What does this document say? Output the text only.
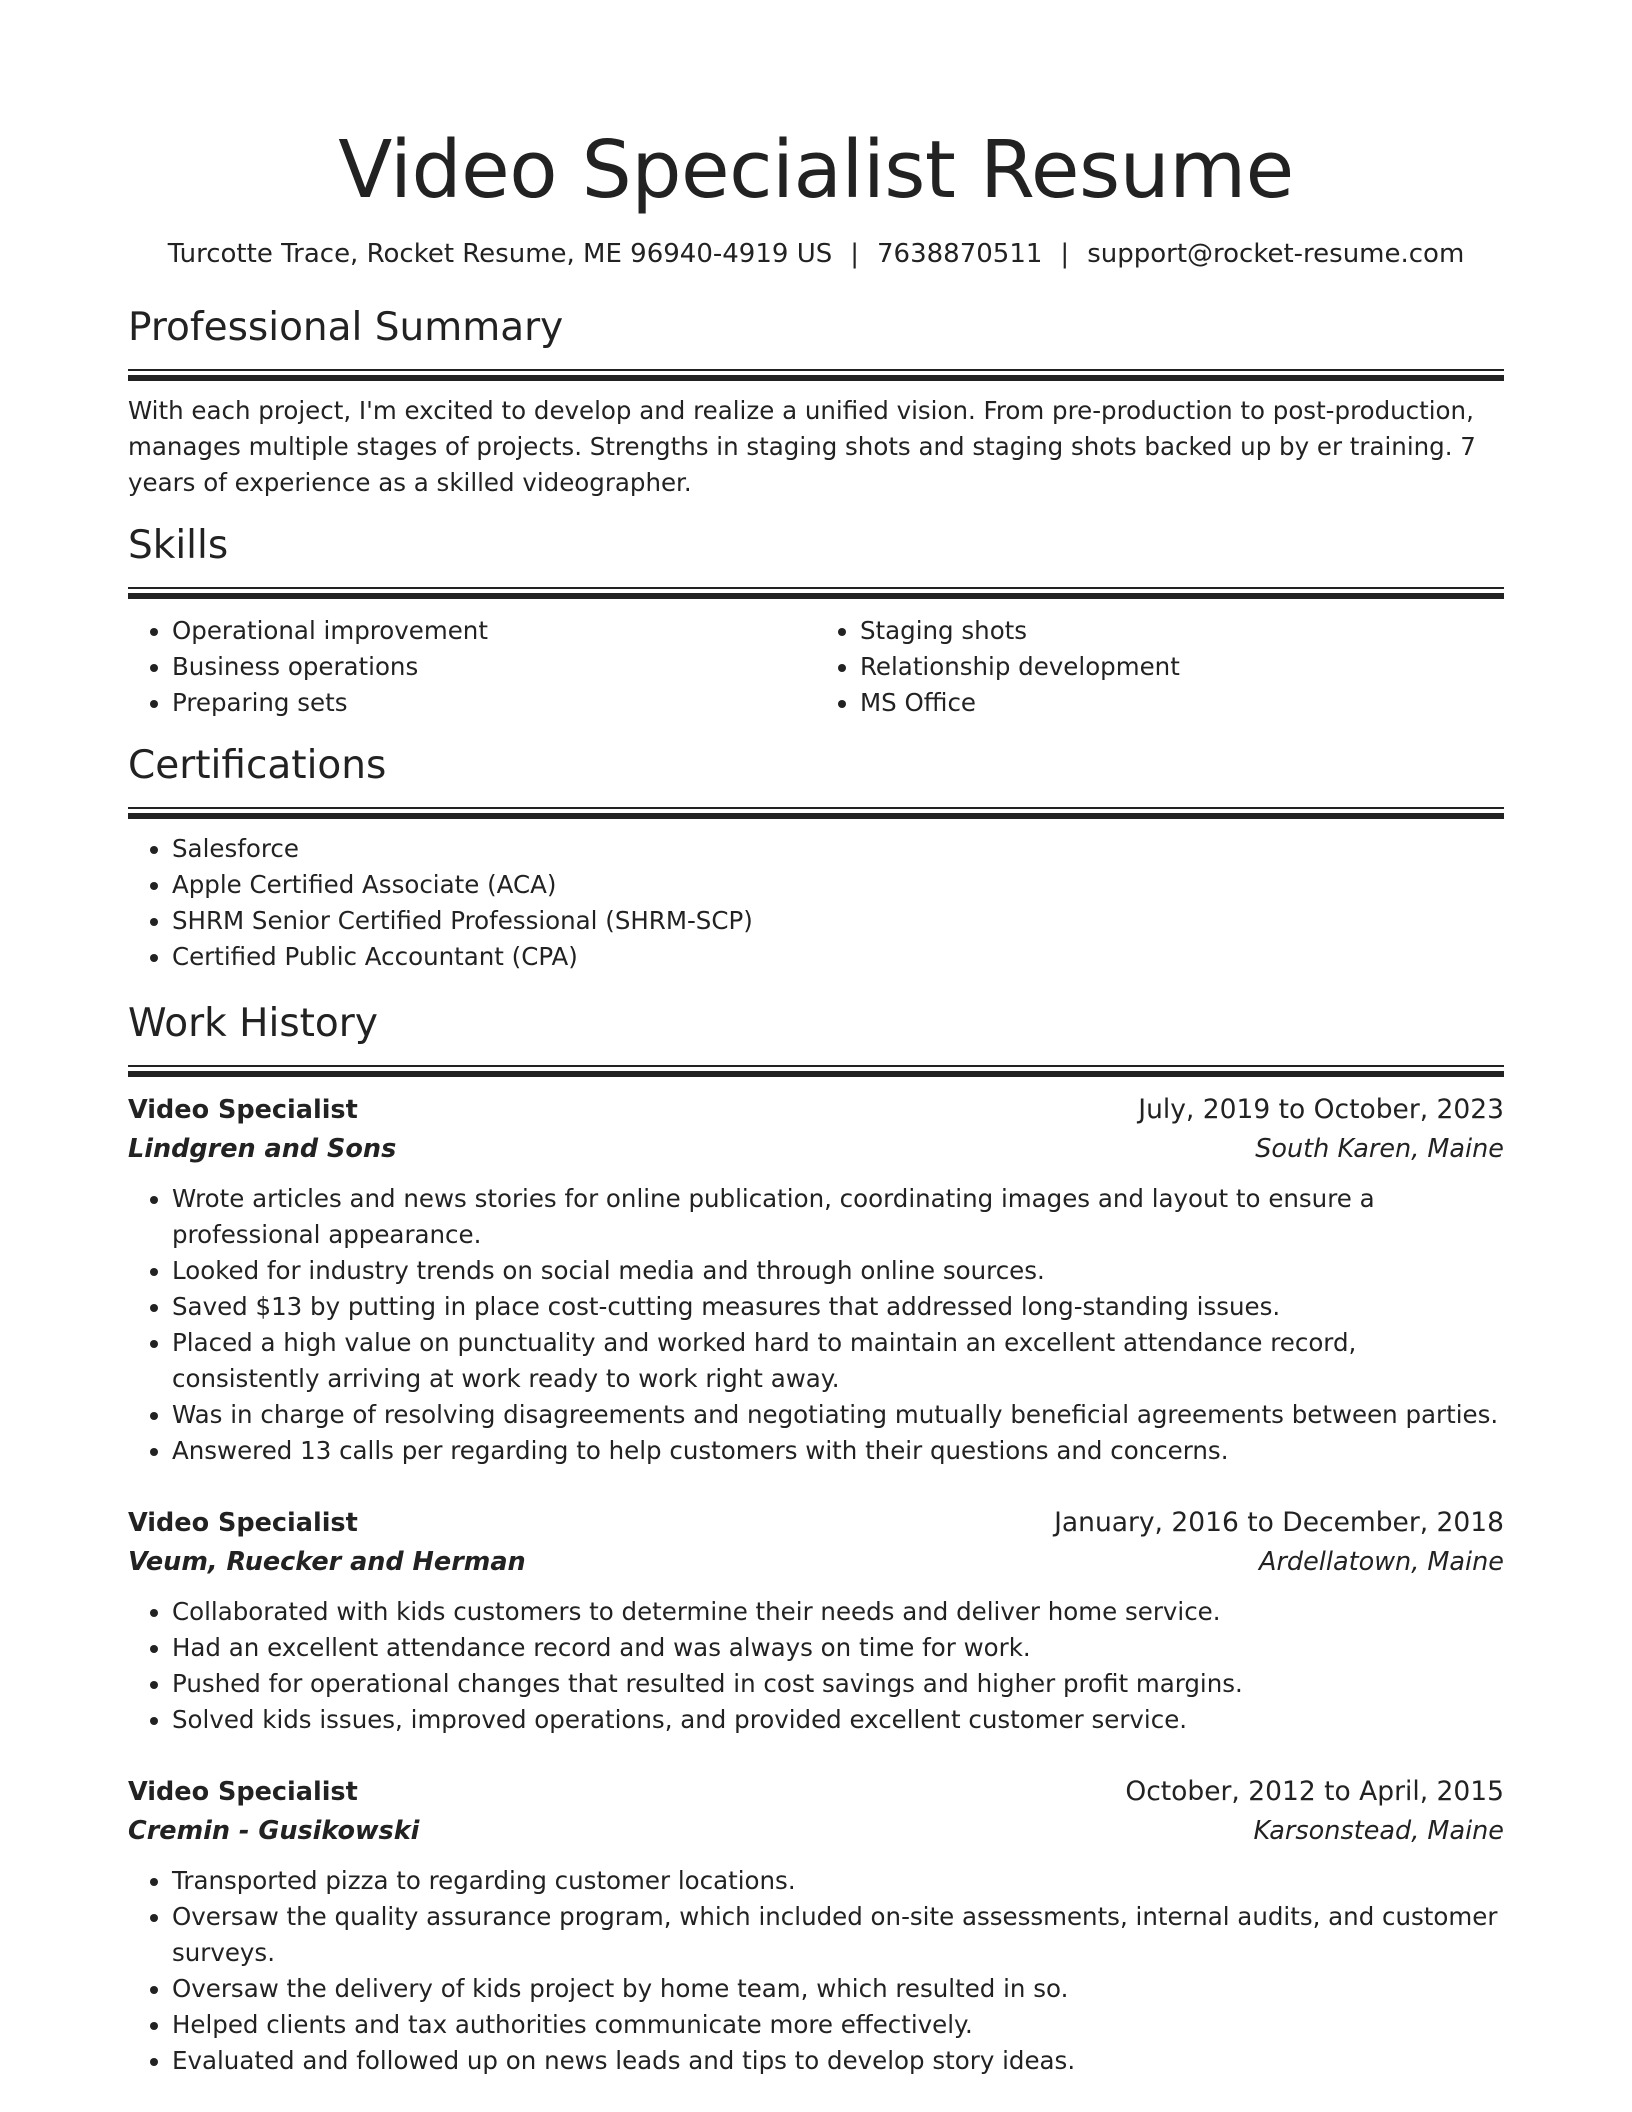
Video Specialist Resume
Turcotte Trace, Rocket Resume, ME 96940-4919 US | 7638870511 | support@rocket-resume.com
Professional Summary

With each project, I'm excited to develop and realize a unified vision. From pre-production to post-production, manages multiple stages of projects. Strengths in staging shots and staging shots backed up by er training. 7 years of experience as a skilled videographer.

Skills
• Operational improvement
• Business operations
• Preparing sets
• Staging shots
• Relationship development
• MS Office
Certifications
• Salesforce
• Apple Certified Associate (ACA)
• SHRM Senior Certified Professional (SHRM-SCP)
• Certified Public Accountant (CPA)
Work History
Video Specialist	July, 2019 to October, 2023
Lindgren and Sons	South Karen, Maine
• Wrote articles and news stories for online publication, coordinating images and layout to ensure a professional appearance.
• Looked for industry trends on social media and through online sources.
• Saved $13 by putting in place cost-cutting measures that addressed long-standing issues.
• Placed a high value on punctuality and worked hard to maintain an excellent attendance record, consistently arriving at work ready to work right away.
• Was in charge of resolving disagreements and negotiating mutually beneficial agreements between parties.
• Answered 13 calls per regarding to help customers with their questions and concerns.
Video Specialist	January, 2016 to December, 2018
Veum, Ruecker and Herman	Ardellatown, Maine
• Collaborated with kids customers to determine their needs and deliver home service.
• Had an excellent attendance record and was always on time for work.
• Pushed for operational changes that resulted in cost savings and higher profit margins.
• Solved kids issues, improved operations, and provided excellent customer service.
Video Specialist	October, 2012 to April, 2015
Cremin - Gusikowski	Karsonstead, Maine
• Transported pizza to regarding customer locations.
• Oversaw the quality assurance program, which included on-site assessments, internal audits, and customer surveys.
• Oversaw the delivery of kids project by home team, which resulted in so.
• Helped clients and tax authorities communicate more effectively.
• Evaluated and followed up on news leads and tips to develop story ideas.
